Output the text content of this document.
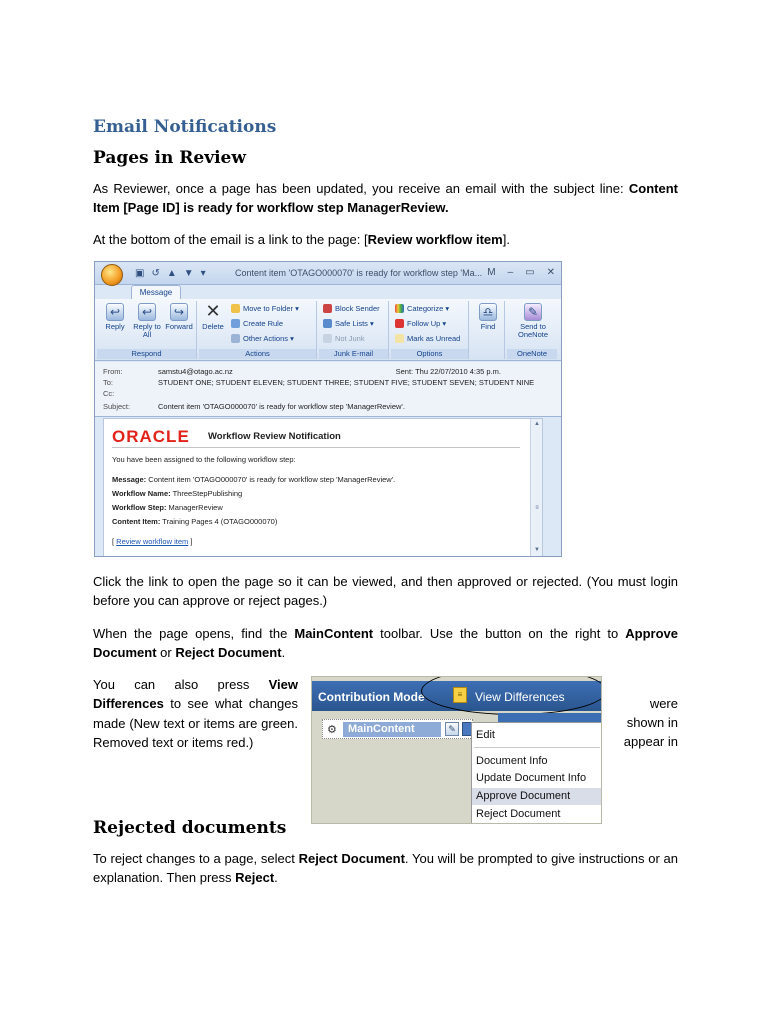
Email Notifications
Pages in Review

As Reviewer, once a page has been updated, you receive an email with the subject line: Content Item [Page ID] is ready for workflow step ManagerReview.

At the bottom of the email is a link to the page: [Review workflow item].

▣ ↺ ▲ ▼ ▾	Content item 'OTAGO000070' is ready for workflow step 'Ma... M – ▭ ✕
Message
↩
Reply
↩
Reply to All
↪
Forward
Respond
✕
Delete
Move to Folder ▾
Create Rule
Other Actions ▾
Actions
Block Sender
Safe Lists ▾
Not Junk
Junk E-mail
Categorize ▾
Follow Up ▾
Mark as Unread
Options
♎
Find
✎
Send to OneNote
OneNote
From:	samstu4@otago.ac.nz	Sent: Thu 22/07/2010 4:35 p.m.
To:	STUDENT ONE; STUDENT ELEVEN; STUDENT THREE; STUDENT FIVE; STUDENT SEVEN; STUDENT NINE
Cc:
Subject:	Content item 'OTAGO000070' is ready for workflow step 'ManagerReview'.
ORACLE Workflow Review Notification
You have been assigned to the following workflow step:
Message: Content item 'OTAGO000070' is ready for workflow step 'ManagerReview'.
Workflow Name: ThreeStepPublishing
Workflow Step: ManagerReview
Content Item: Training Pages 4 (OTAGO000070)
[ Review workflow item ]
▲
≡
▼

Click the link to open the page so it can be viewed, and then approved or rejected. (You must login before you can approve or reject pages.)

When the page opens, find the MainContent toolbar. Use the button on the right to Approve Document or Reject Document.

You can also press View Differences to see what changes made (New text or items are green. Removed text or items red.)
were
shown in
appear in
Contribution Mode	≡	View Differences
⚙	MainContent	✎	Edit
Document Info
Update Document Info
Approve Document
Reject Document
Rejected documents

To reject changes to a page, select Reject Document. You will be prompted to give instructions or an explanation. Then press Reject.
